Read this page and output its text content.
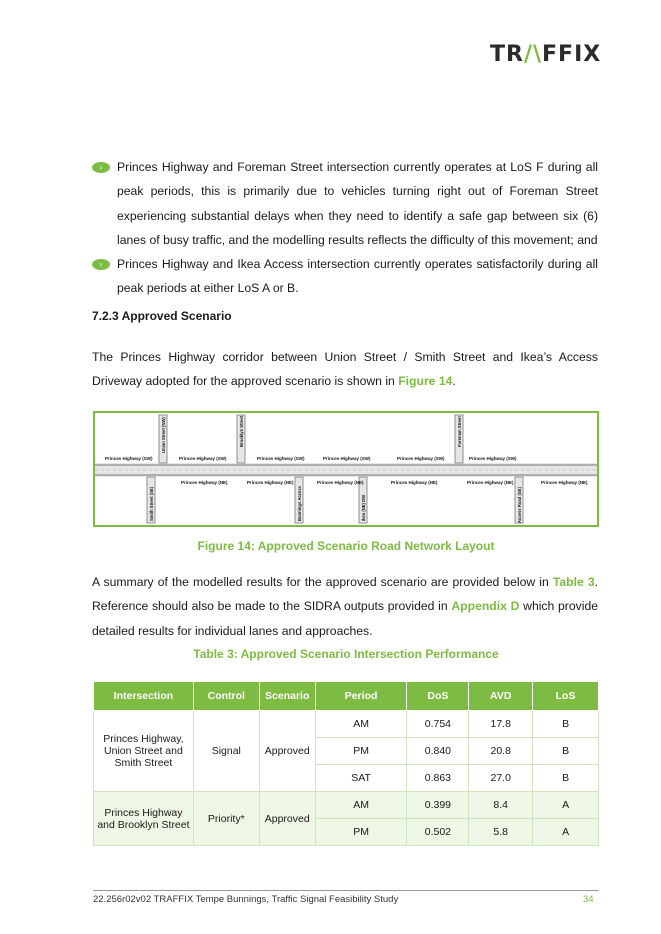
TR/\FFIX
›	Princes Highway and Foreman Street intersection currently operates at LoS F during all peak periods, this is primarily due to vehicles turning right out of Foreman Street experiencing substantial delays when they need to identify a safe gap between six (6) lanes of busy traffic, and the modelling results reflects the difficulty of this movement; and
›	Princes Highway and Ikea Access intersection currently operates satisfactorily during all peak periods at either LoS A or B.
7.2.3 Approved Scenario
The Princes Highway corridor between Union Street / Smith Street and Ikea’s Access Driveway adopted for the approved scenario is shown in Figure 14.
Princes Highway (SW)	Princes Highway (SW)	Princes Highway (SW)	Princes Highway (SW)	Princes Highway (SW)	Princes Highway (SW)
Princes Highway (NE)	Princes Highway (NE)	Princes Highway (NE)	Princes Highway (NE)	Princes Highway (NE)	Princes Highway (NE)
Union Street (NW)	Brooklyn Street	Foreman Street
Smith Street (SE)	Bunnings Access	Ikea (NE) DW	Access Road (SE)
Figure 14: Approved Scenario Road Network Layout
A summary of the modelled results for the approved scenario are provided below in Table 3. Reference should also be made to the SIDRA outputs provided in Appendix D which provide detailed results for individual lanes and approaches.
Table 3: Approved Scenario Intersection Performance
Intersection	Control	Scenario	Period	DoS	AVD	LoS
Princes Highway, Union Street and Smith Street	Signal	Approved	AM	0.754	17.8	B
			PM	0.840	20.8	B
			SAT	0.863	27.0	B
Princes Highway and Brooklyn Street	Priority*	Approved	AM	0.399	8.4	A
			PM	0.502	5.8	A
22.256r02v02 TRAFFIX Tempe Bunnings, Traffic Signal Feasibility Study	34
